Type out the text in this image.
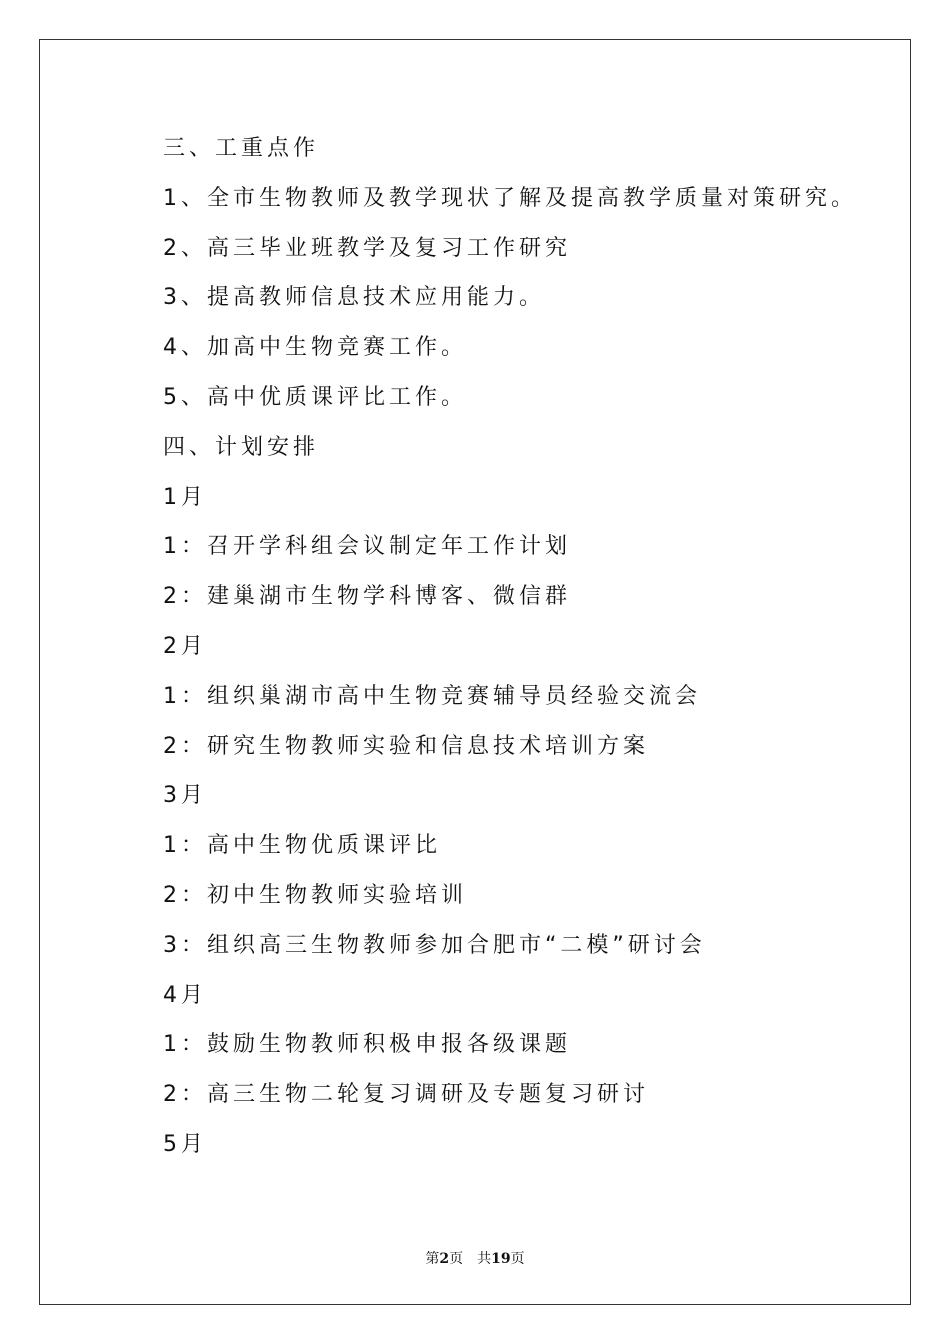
三、工重点作
1、全市生物教师及教学现状了解及提高教学质量对策研究。
2、高三毕业班教学及复习工作研究
3、提高教师信息技术应用能力。
4、加高中生物竞赛工作。
5、高中优质课评比工作。
四、计划安排
1月
1：召开学科组会议制定年工作计划
2：建巢湖市生物学科博客、微信群
2月
1：组织巢湖市高中生物竞赛辅导员经验交流会
2：研究生物教师实验和信息技术培训方案
3月
1：高中生物优质课评比
2：初中生物教师实验培训
3：组织高三生物教师参加合肥市“二模”研讨会
4月
1：鼓励生物教师积极申报各级课题
2：高三生物二轮复习调研及专题复习研讨
5月
第2页 共19页
